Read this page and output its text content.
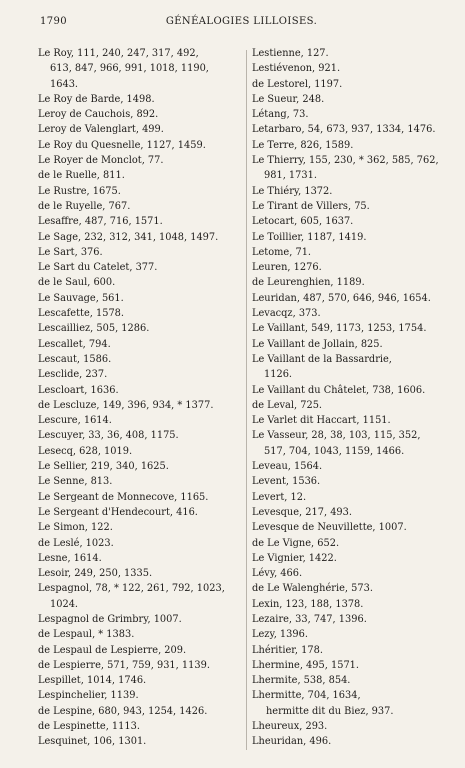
1790	GÉNÉALOGIES LILLOISES.
Le Roy, 111, 240, 247, 317, 492,
613, 847, 966, 991, 1018, 1190,
1643.
Le Roy de Barde, 1498.
Leroy de Cauchois, 892.
Leroy de Valenglart, 499.
Le Roy du Quesnelle, 1127, 1459.
Le Royer de Monclot, 77.
de le Ruelle, 811.
Le Rustre, 1675.
de le Ruyelle, 767.
Lesaffre, 487, 716, 1571.
Le Sage, 232, 312, 341, 1048, 1497.
Le Sart, 376.
Le Sart du Catelet, 377.
de le Saul, 600.
Le Sauvage, 561.
Lescafette, 1578.
Lescailliez, 505, 1286.
Lescallet, 794.
Lescaut, 1586.
Lesclide, 237.
Lescloart, 1636.
de Lescluze, 149, 396, 934, * 1377.
Lescure, 1614.
Lescuyer, 33, 36, 408, 1175.
Lesecq, 628, 1019.
Le Sellier, 219, 340, 1625.
Le Senne, 813.
Le Sergeant de Monnecove, 1165.
Le Sergeant d'Hendecourt, 416.
Le Simon, 122.
de Leslé, 1023.
Lesne, 1614.
Lesoir, 249, 250, 1335.
Lespagnol, 78, * 122, 261, 792, 1023,
1024.
Lespagnol de Grimbry, 1007.
de Lespaul, * 1383.
de Lespaul de Lespierre, 209.
de Lespierre, 571, 759, 931, 1139.
Lespillet, 1014, 1746.
Lespinchelier, 1139.
de Lespine, 680, 943, 1254, 1426.
de Lespinette, 1113.
Lesquinet, 106, 1301.
Lestienne, 127.
Lestiévenon, 921.
de Lestorel, 1197.
Le Sueur, 248.
Létang, 73.
Letarbaro, 54, 673, 937, 1334, 1476.
Le Terre, 826, 1589.
Le Thierry, 155, 230, * 362, 585, 762,
981, 1731.
Le Thiéry, 1372.
Le Tirant de Villers, 75.
Letocart, 605, 1637.
Le Toillier, 1187, 1419.
Letome, 71.
Leuren, 1276.
de Leurenghien, 1189.
Leuridan, 487, 570, 646, 946, 1654.
Levacqz, 373.
Le Vaillant, 549, 1173, 1253, 1754.
Le Vaillant de Jollain, 825.
Le Vaillant de la Bassardrie,
1126.
Le Vaillant du Châtelet, 738, 1606.
de Leval, 725.
Le Varlet dit Haccart, 1151.
Le Vasseur, 28, 38, 103, 115, 352,
517, 704, 1043, 1159, 1466.
Leveau, 1564.
Levent, 1536.
Levert, 12.
Levesque, 217, 493.
Levesque de Neuvillette, 1007.
de Le Vigne, 652.
Le Vignier, 1422.
Lévy, 466.
de Le Walenghérie, 573.
Lexin, 123, 188, 1378.
Lezaire, 33, 747, 1396.
Lezy, 1396.
Lhéritier, 178.
Lhermine, 495, 1571.
Lhermite, 538, 854.
Lhermitte, 704, 1634,
hermitte dit du Biez, 937.
Lheureux, 293.
Lheuridan, 496.
